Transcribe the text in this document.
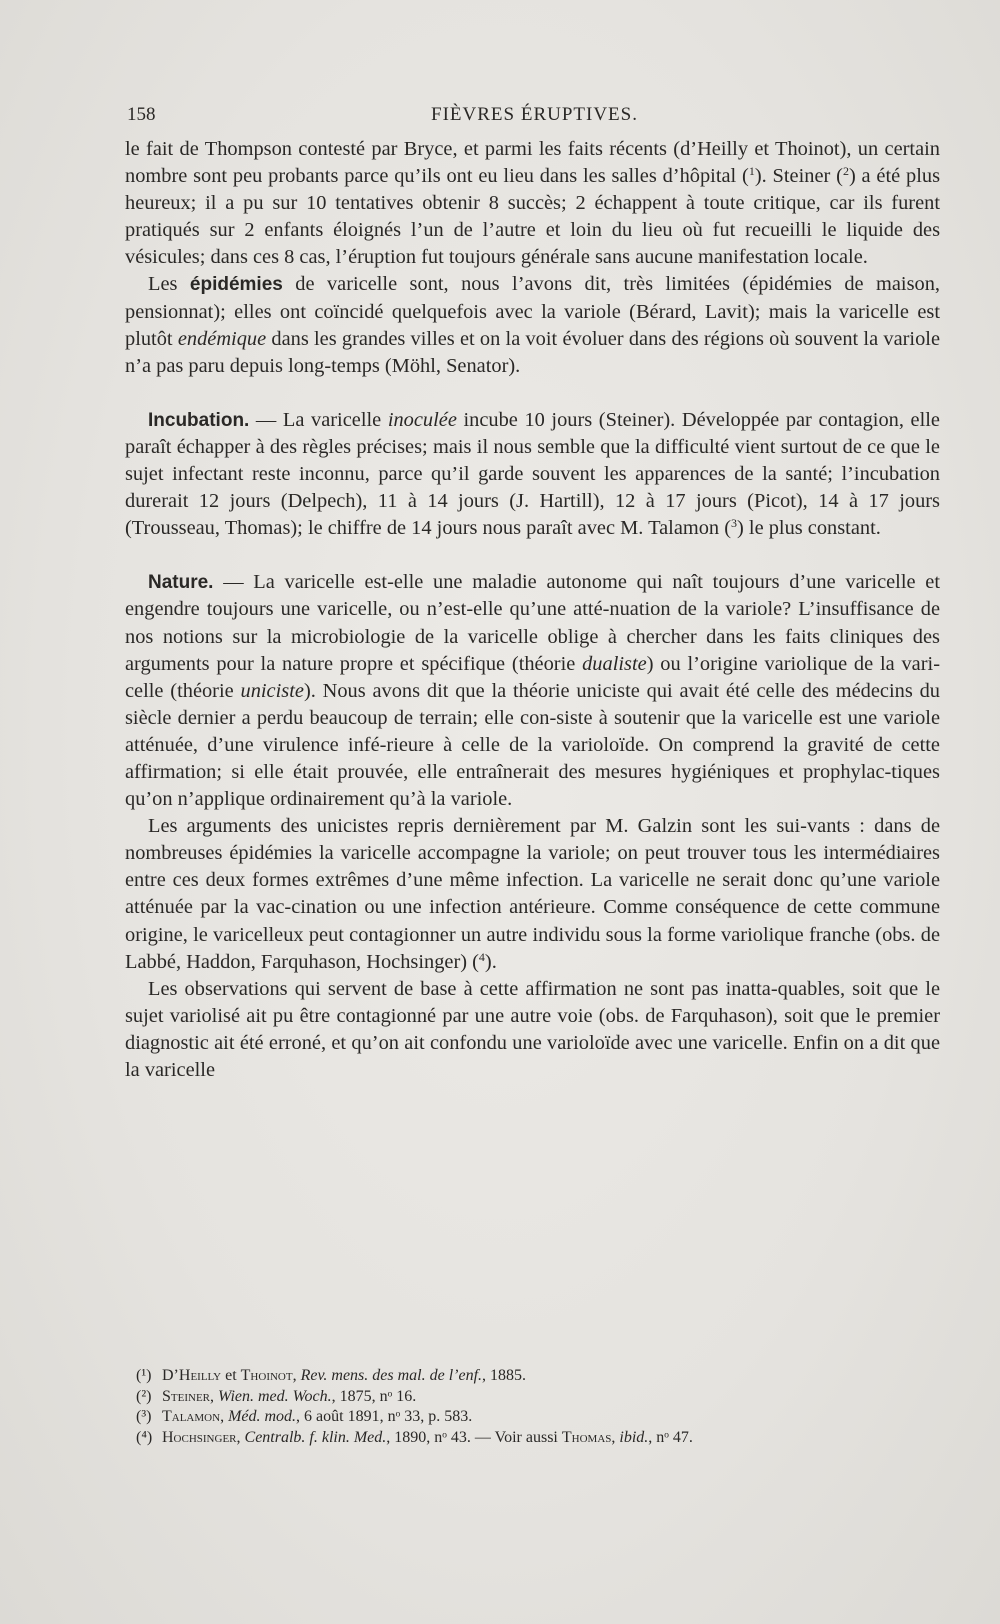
158	FIÈVRES ÉRUPTIVES.

le fait de Thompson contesté par Bryce, et parmi les faits récents (d’Heilly et Thoinot), un certain nombre sont peu probants parce qu’ils ont eu lieu dans les salles d’hôpital ($^1$). Steiner ($^2$) a été plus heureux; il a pu sur 10 tentatives obtenir 8 succès; 2 échappent à toute critique, car ils furent pratiqués sur 2 enfants éloignés l’un de l’autre et loin du lieu où fut recueilli le liquide des vésicules; dans ces 8 cas, l’éruption fut toujours générale sans aucune manifestation locale.

Les épidémies de varicelle sont, nous l’avons dit, très limitées (épidémies de maison, pensionnat); elles ont coïncidé quelquefois avec la variole (Bérard, Lavit); mais la varicelle est plutôt endémique dans les grandes villes et on la voit évoluer dans des régions où souvent la variole n’a pas paru depuis long-temps (Möhl, Senator).

Incubation. — La varicelle inoculée incube 10 jours (Steiner). Développée par contagion, elle paraît échapper à des règles précises; mais il nous semble que la difficulté vient surtout de ce que le sujet infectant reste inconnu, parce qu’il garde souvent les apparences de la santé; l’incubation durerait 12 jours (Delpech), 11 à 14 jours (J. Hartill), 12 à 17 jours (Picot), 14 à 17 jours (Trousseau, Thomas); le chiffre de 14 jours nous paraît avec M. Talamon ($^3$) le plus constant.

Nature. — La varicelle est-elle une maladie autonome qui naît toujours d’une varicelle et engendre toujours une varicelle, ou n’est-elle qu’une atté-nuation de la variole? L’insuffisance de nos notions sur la microbiologie de la varicelle oblige à chercher dans les faits cliniques des arguments pour la nature propre et spécifique (théorie dualiste) ou l’origine variolique de la vari-celle (théorie uniciste). Nous avons dit que la théorie uniciste qui avait été celle des médecins du siècle dernier a perdu beaucoup de terrain; elle con-siste à soutenir que la varicelle est une variole atténuée, d’une virulence infé-rieure à celle de la varioloïde. On comprend la gravité de cette affirmation; si elle était prouvée, elle entraînerait des mesures hygiéniques et prophylac-tiques qu’on n’applique ordinairement qu’à la variole.

Les arguments des unicistes repris dernièrement par M. Galzin sont les sui-vants : dans de nombreuses épidémies la varicelle accompagne la variole; on peut trouver tous les intermédiaires entre ces deux formes extrêmes d’une même infection. La varicelle ne serait donc qu’une variole atténuée par la vac-cination ou une infection antérieure. Comme conséquence de cette commune origine, le varicelleux peut contagionner un autre individu sous la forme variolique franche (obs. de Labbé, Haddon, Farquhason, Hochsinger) ($^4$).

Les observations qui servent de base à cette affirmation ne sont pas inatta-quables, soit que le sujet variolisé ait pu être contagionné par une autre voie (obs. de Farquhason), soit que le premier diagnostic ait été erroné, et qu’on ait confondu une varioloïde avec une varicelle. Enfin on a dit que la varicelle

(¹) D’Heilly et Thoinot, Rev. mens. des mal. de l’enf., 1885.
(²) Steiner, Wien. med. Woch., 1875, nᵒ 16.
(³) Talamon, Méd. mod., 6 août 1891, nᵒ 33, p. 583.
(⁴) Hochsinger, Centralb. f. klin. Med., 1890, nᵒ 43. — Voir aussi Thomas, ibid., nᵒ 47.
